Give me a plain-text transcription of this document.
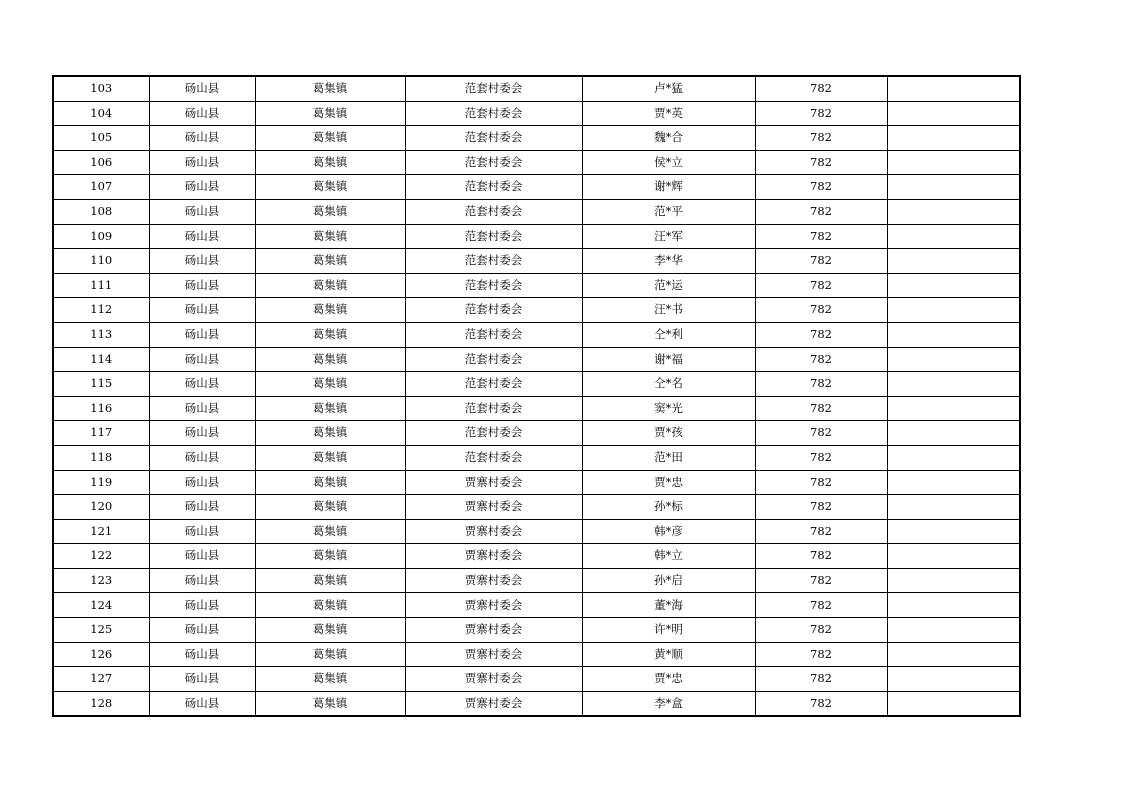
103	砀山县	葛集镇	范套村委会	卢*猛	782	
104	砀山县	葛集镇	范套村委会	贾*英	782	
105	砀山县	葛集镇	范套村委会	魏*合	782	
106	砀山县	葛集镇	范套村委会	侯*立	782	
107	砀山县	葛集镇	范套村委会	谢*辉	782	
108	砀山县	葛集镇	范套村委会	范*平	782	
109	砀山县	葛集镇	范套村委会	汪*军	782	
110	砀山县	葛集镇	范套村委会	李*华	782	
111	砀山县	葛集镇	范套村委会	范*运	782	
112	砀山县	葛集镇	范套村委会	汪*书	782	
113	砀山县	葛集镇	范套村委会	仝*利	782	
114	砀山县	葛集镇	范套村委会	谢*福	782	
115	砀山县	葛集镇	范套村委会	仝*名	782	
116	砀山县	葛集镇	范套村委会	窦*光	782	
117	砀山县	葛集镇	范套村委会	贾*孩	782	
118	砀山县	葛集镇	范套村委会	范*田	782	
119	砀山县	葛集镇	贾寨村委会	贾*忠	782	
120	砀山县	葛集镇	贾寨村委会	孙*标	782	
121	砀山县	葛集镇	贾寨村委会	韩*彦	782	
122	砀山县	葛集镇	贾寨村委会	韩*立	782	
123	砀山县	葛集镇	贾寨村委会	孙*启	782	
124	砀山县	葛集镇	贾寨村委会	董*海	782	
125	砀山县	葛集镇	贾寨村委会	许*明	782	
126	砀山县	葛集镇	贾寨村委会	黄*顺	782	
127	砀山县	葛集镇	贾寨村委会	贾*忠	782	
128	砀山县	葛集镇	贾寨村委会	李*盒	782	
